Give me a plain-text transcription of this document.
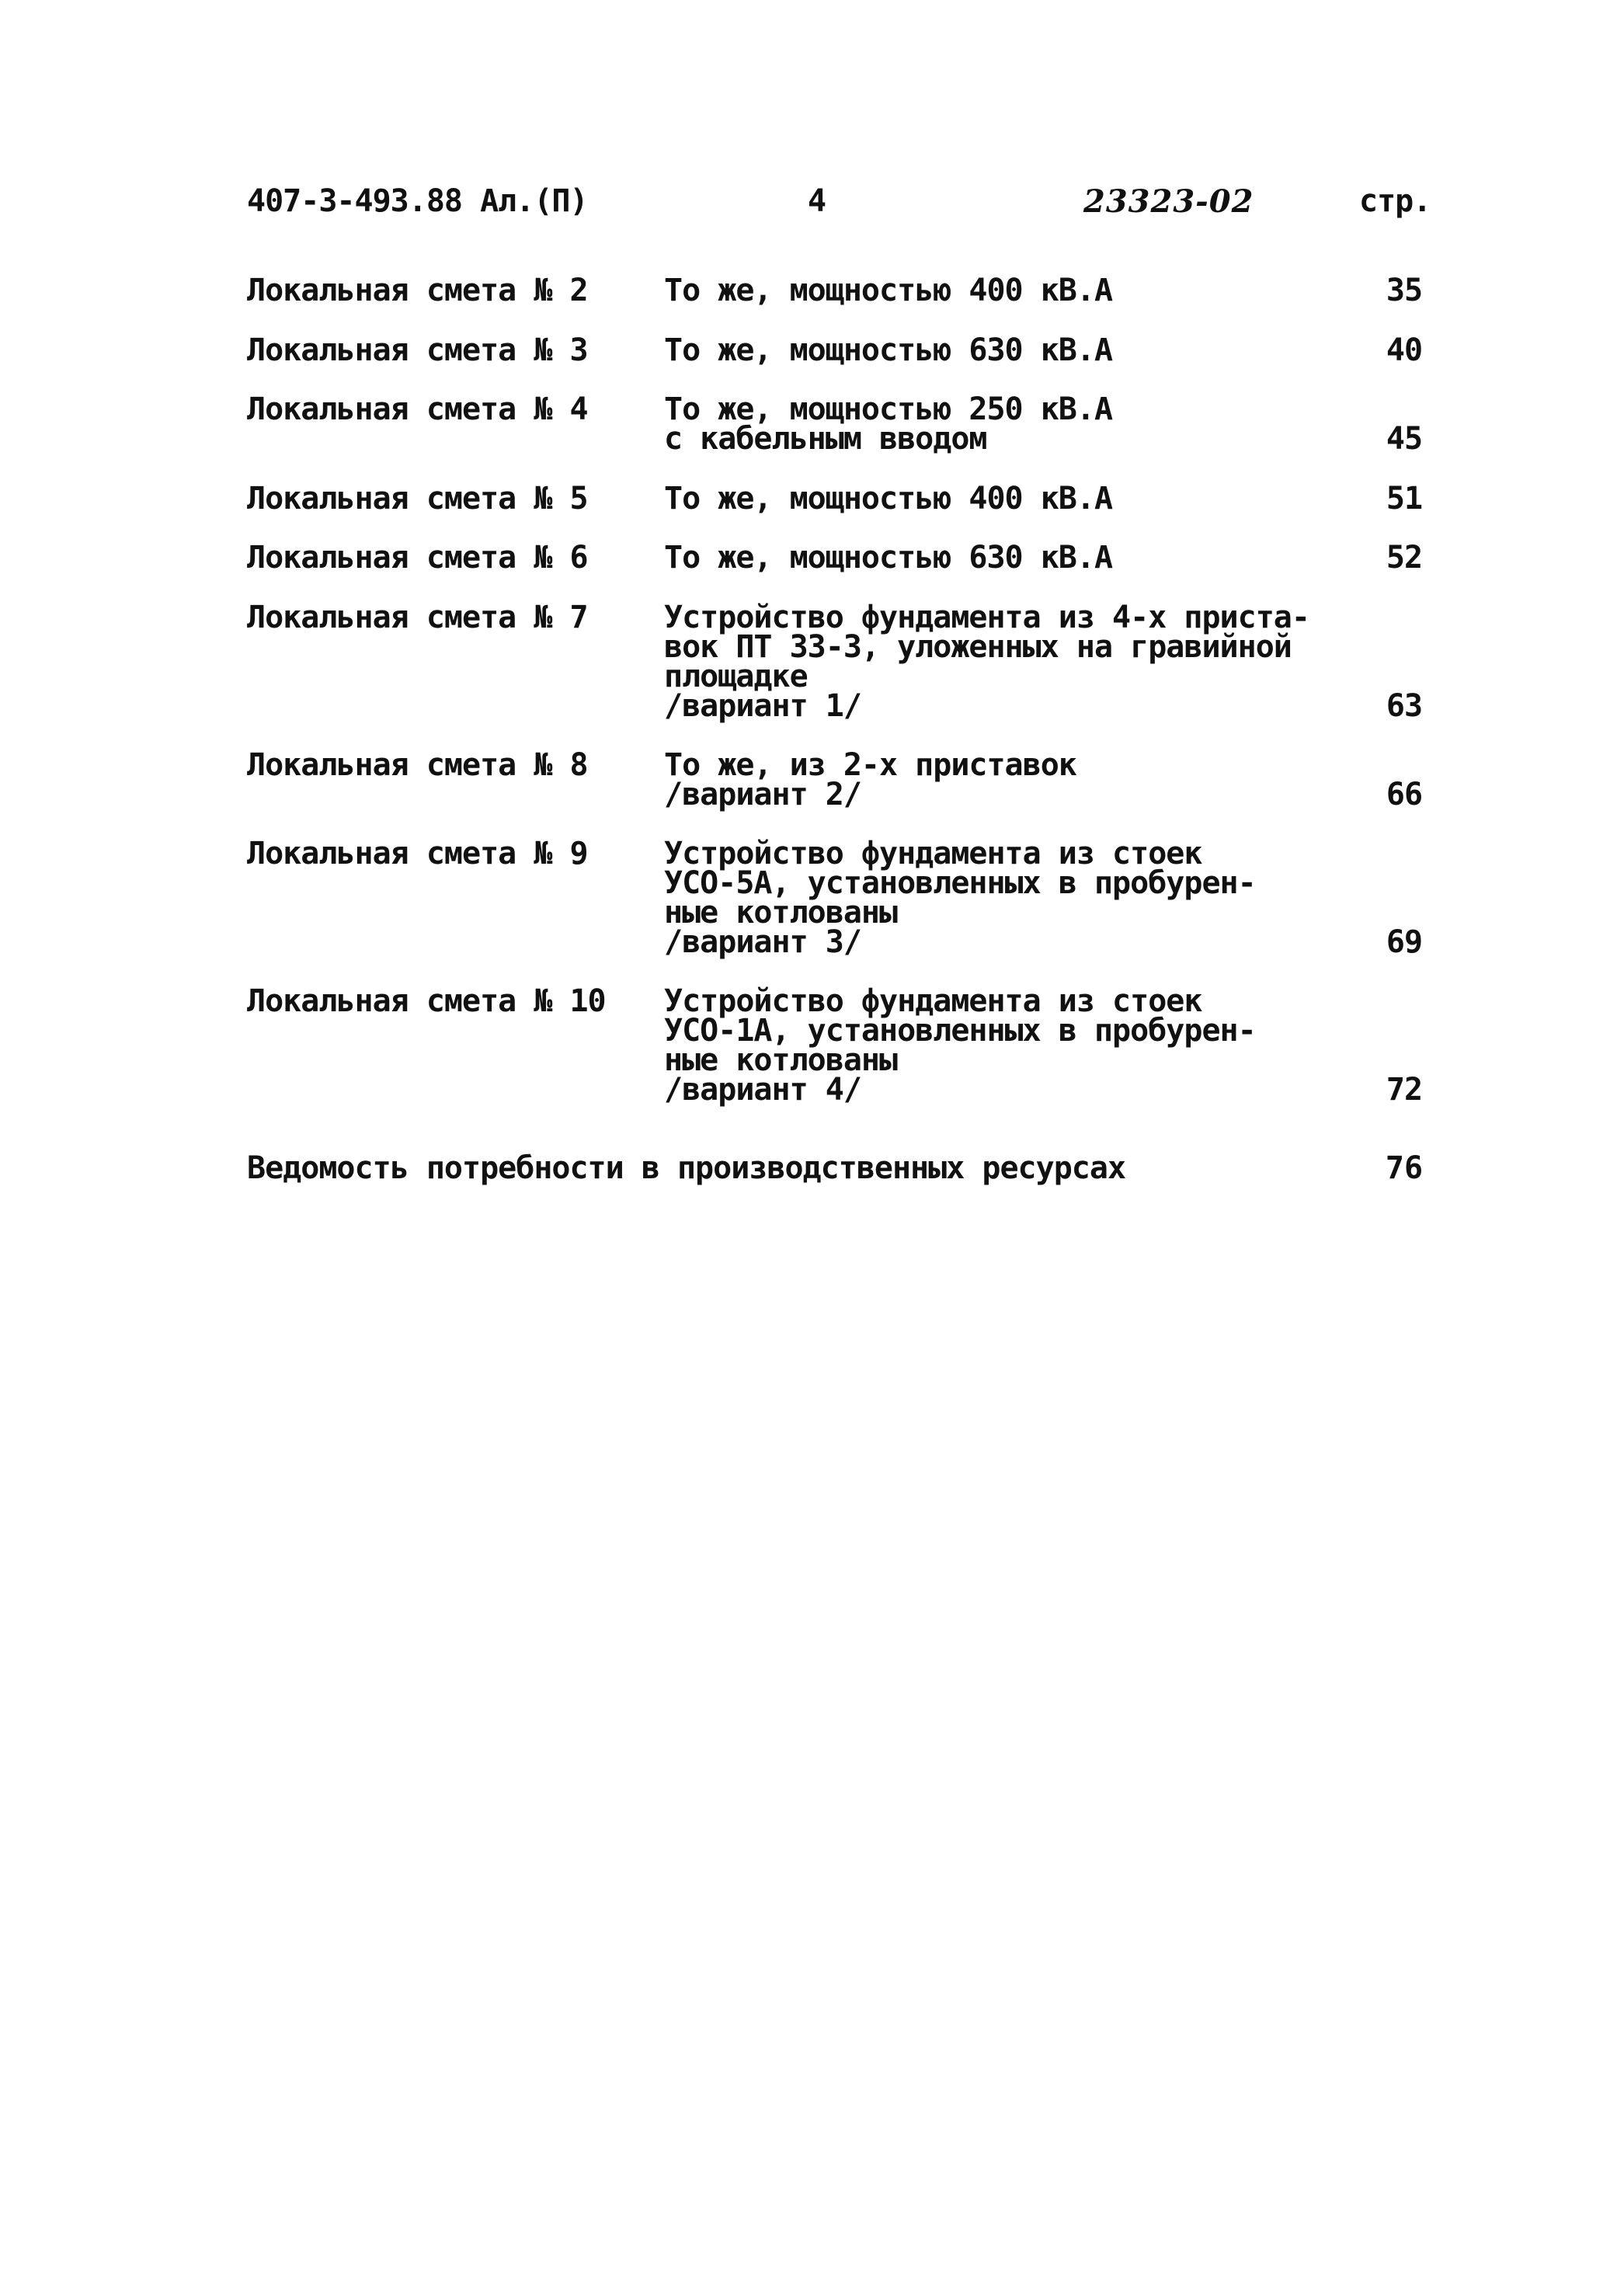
407-3-493.88 Ал.(П)	4	23323-02	стр.
Локальная смета № 2 То же, мощностью 400 кВ.А	35
Локальная смета № 3 То же, мощностью 630 кВ.А	40
Локальная смета № 4 То же, мощностью 250 кВ.А
с кабельным вводом	45
Локальная смета № 5 То же, мощностью 400 кВ.А	51
Локальная смета № 6 То же, мощностью 630 кВ.А	52
Локальная смета № 7 Устройство фундамента из 4-х пристa-
вок ПТ 33-3, уложенных на гравийной
площадке
/вариант 1/	63
Локальная смета № 8 То же, из 2-х приставок
/вариант 2/	66
Локальная смета № 9 Устройство фундамента из стоек
УСО-5А, установленных в пробурен-
ные котлованы
/вариант 3/	69
Локальная смета № 10 Устройство фундамента из стоек
УСО-1А, установленных в пробурен-
ные котлованы
/вариант 4/	72
Ведомость потребности в производственных ресурсах	76
